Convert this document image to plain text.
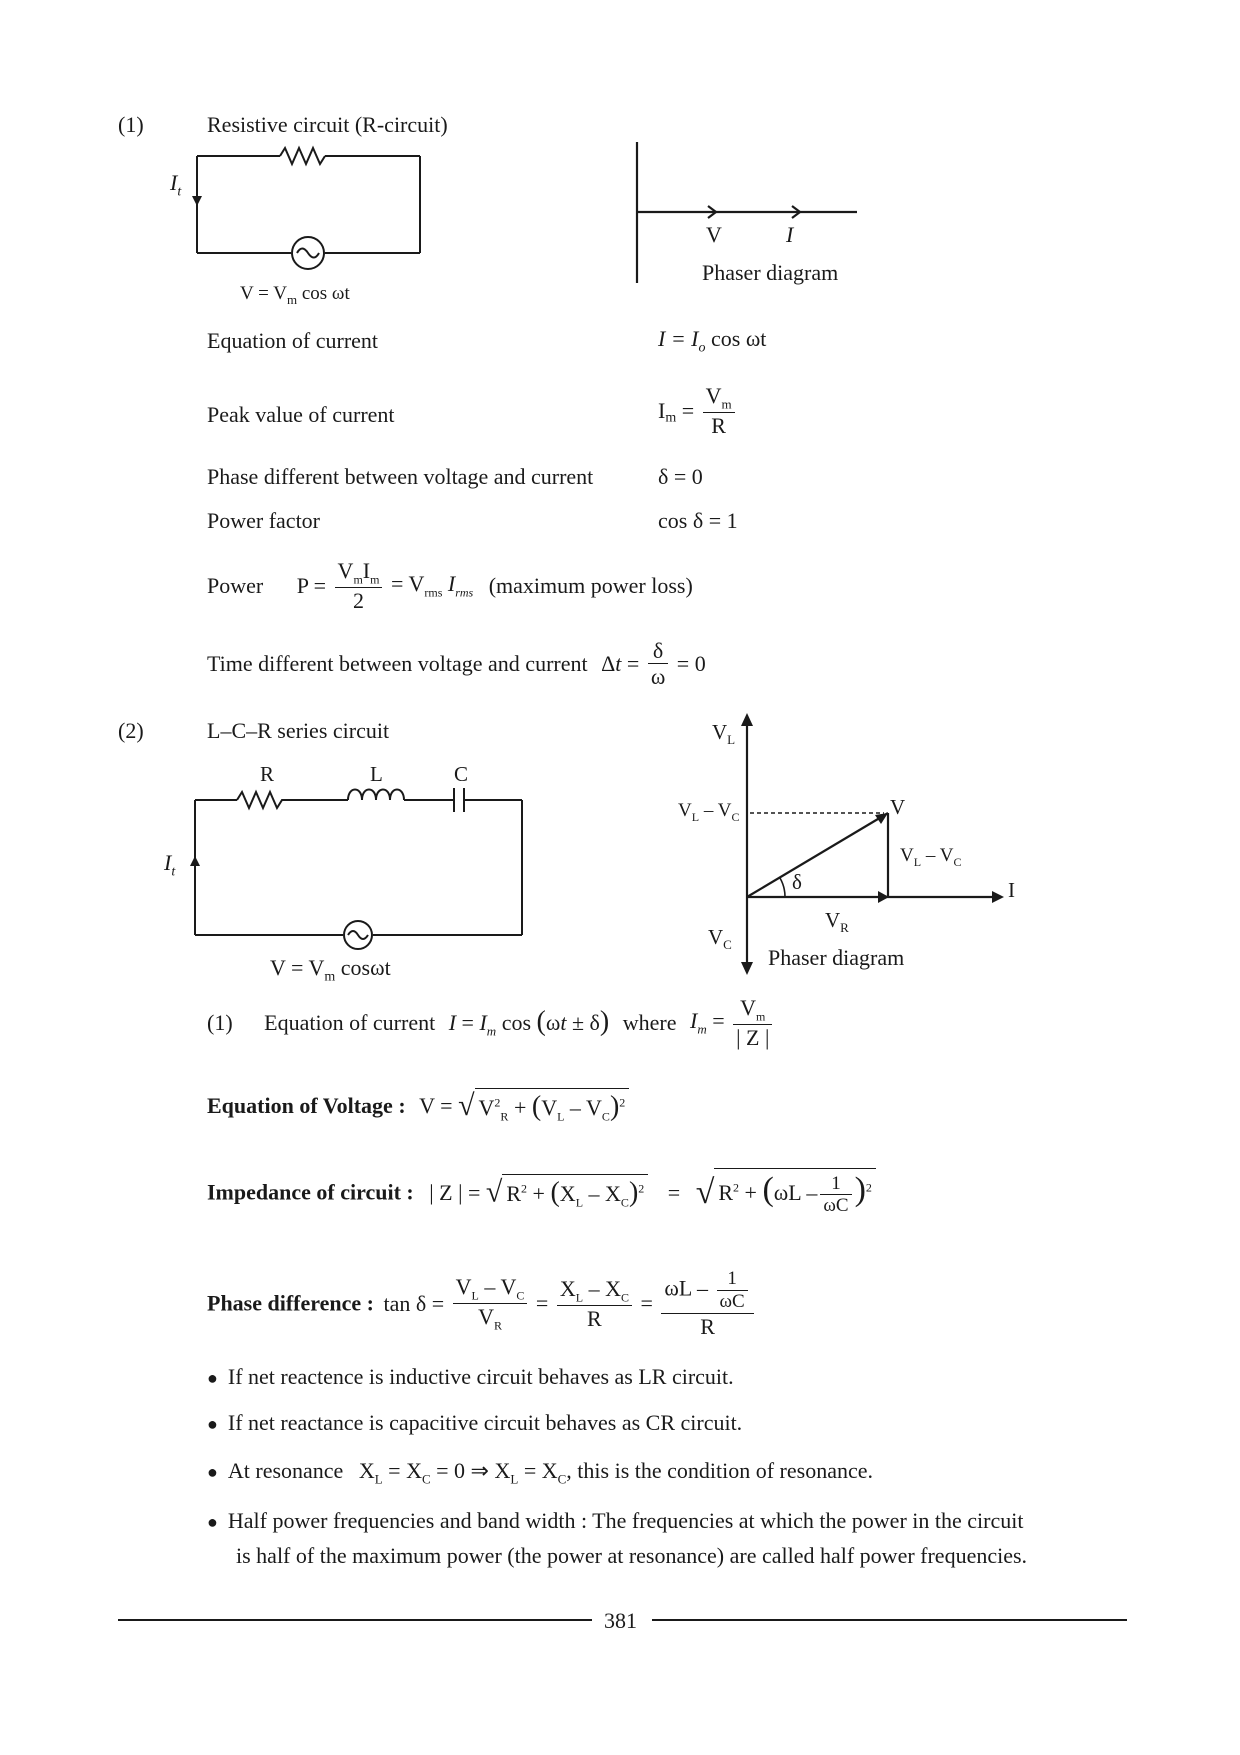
(1)	Resistive circuit (R-circuit)
$I_t$
$V = V_m$ cos ωt
V	I
Phaser diagram
Equation of current	$I = I_o$ cos ωt
Peak value of current	$I_m = \frac{V_m}{R}$
Phase different between voltage and current	δ = 0
Power factor	cos δ = 1
Power $P = \frac{V_mI_m}{2} = V_{rms}$ $I_{rms}$ (maximum power loss)
Time different between voltage and current $\Delta t = \frac{\delta}{\omega} = 0$
(2)	L–C–R series circuit
R	L	C
$I_t$
$V = V_m$ cosωt
$V_L$
$V_L - V_C$	V
$V_L - V_C$
δ	I
$V_R$
$V_C$
Phaser diagram
(1) Equation of current $I = I_m$ cos (ωt ± δ) where $I_m = \frac{V_m}{| Z |}$
Equation of Voltage : V = √ $V^2_R + (V_L - V_C)^2$
Impedance of circuit : | Z | = √ $R^2 + (X_L - X_C)^2$ = √ $R^2 + (\omega L - \frac{1}{\omega C} )^2$
Phase difference : $\tan \delta = \frac{V_L - V_C}{V_R} = \frac{X_L - X_C}{R} = \frac{\omega L - \frac{1}{\omega C}}{R}$
● If net reactence is inductive circuit behaves as LR circuit.
● If net reactance is capacitive circuit behaves as CR circuit.
● At resonance $X_L = X_C = 0$ ⇒ $X_L = X_C$, this is the condition of resonance.
● Half power frequencies and band width : The frequencies at which the power in the circuit
is half of the maximum power (the power at resonance) are called half power frequencies.
381
